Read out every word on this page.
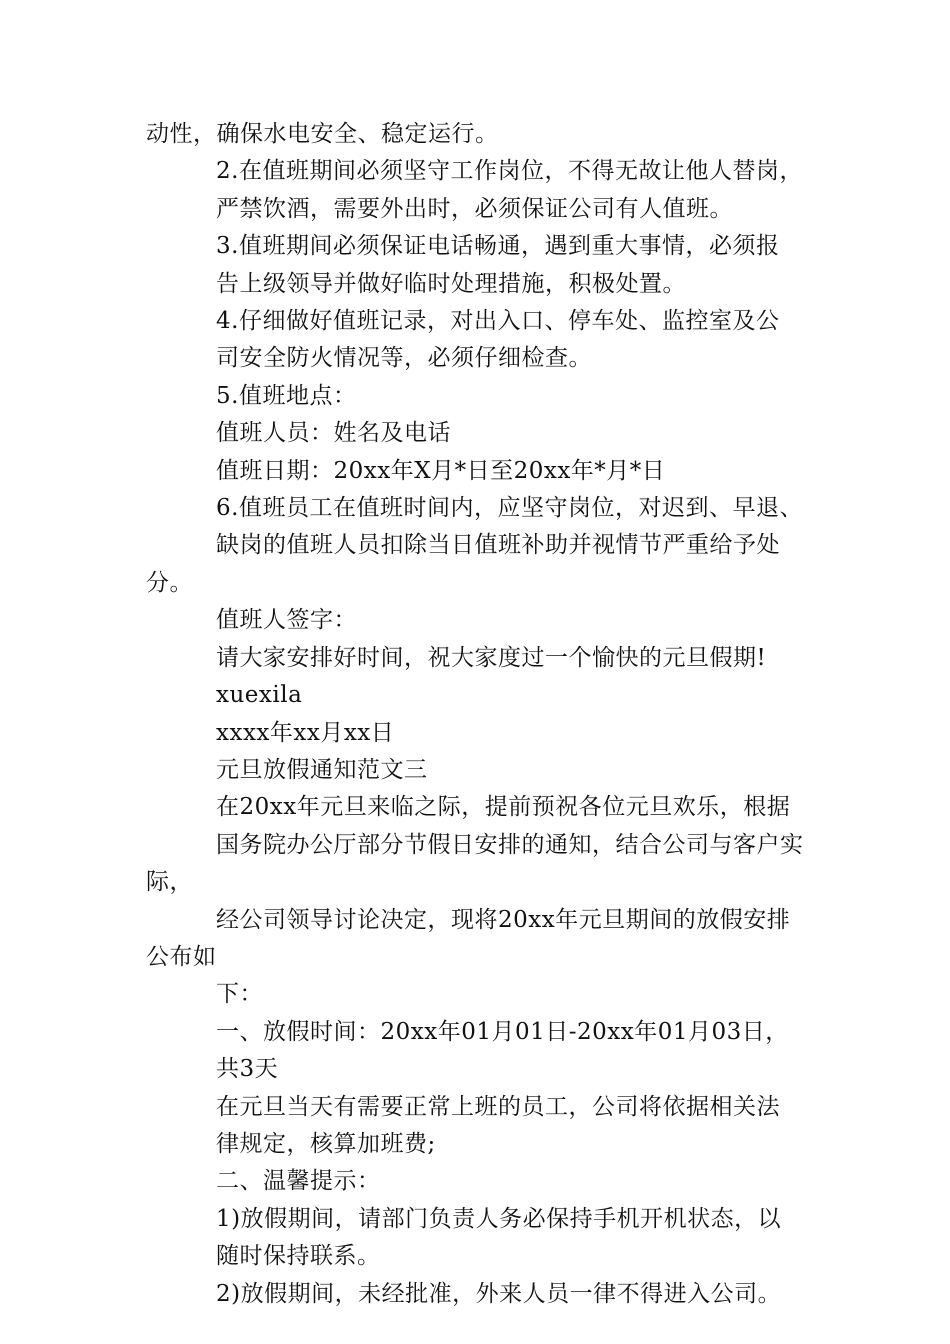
动性，确保水电安全、稳定运行。

2.在值班期间必须坚守工作岗位，不得无故让他人替岗，
严禁饮酒，需要外出时，必须保证公司有人值班。

3.值班期间必须保证电话畅通，遇到重大事情，必须报
告上级领导并做好临时处理措施，积极处置。

4.仔细做好值班记录，对出入口、停车处、监控室及公
司安全防火情况等，必须仔细检查。

5.值班地点：

值班人员：姓名及电话

值班日期：20xx年X月*日至20xx年*月*日

6.值班员工在值班时间内，应坚守岗位，对迟到、早退、
缺岗的值班人员扣除当日值班补助并视情节严重给予处分。

值班人签字：

请大家安排好时间，祝大家度过一个愉快的元旦假期!

xuexila

xxxx年xx月xx日

元旦放假通知范文三

在20xx年元旦来临之际，提前预祝各位元旦欢乐，根据
国务院办公厅部分节假日安排的通知，结合公司与客户实际，
经公司领导讨论决定，现将20xx年元旦期间的放假安排公布如
下：

一、放假时间：20xx年01月01日-20xx年01月03日，
共3天

在元旦当天有需要正常上班的员工，公司将依据相关法
律规定，核算加班费;

二、温馨提示：

1)放假期间，请部门负责人务必保持手机开机状态，以
随时保持联系。

2)放假期间，未经批准，外来人员一律不得进入公司。
